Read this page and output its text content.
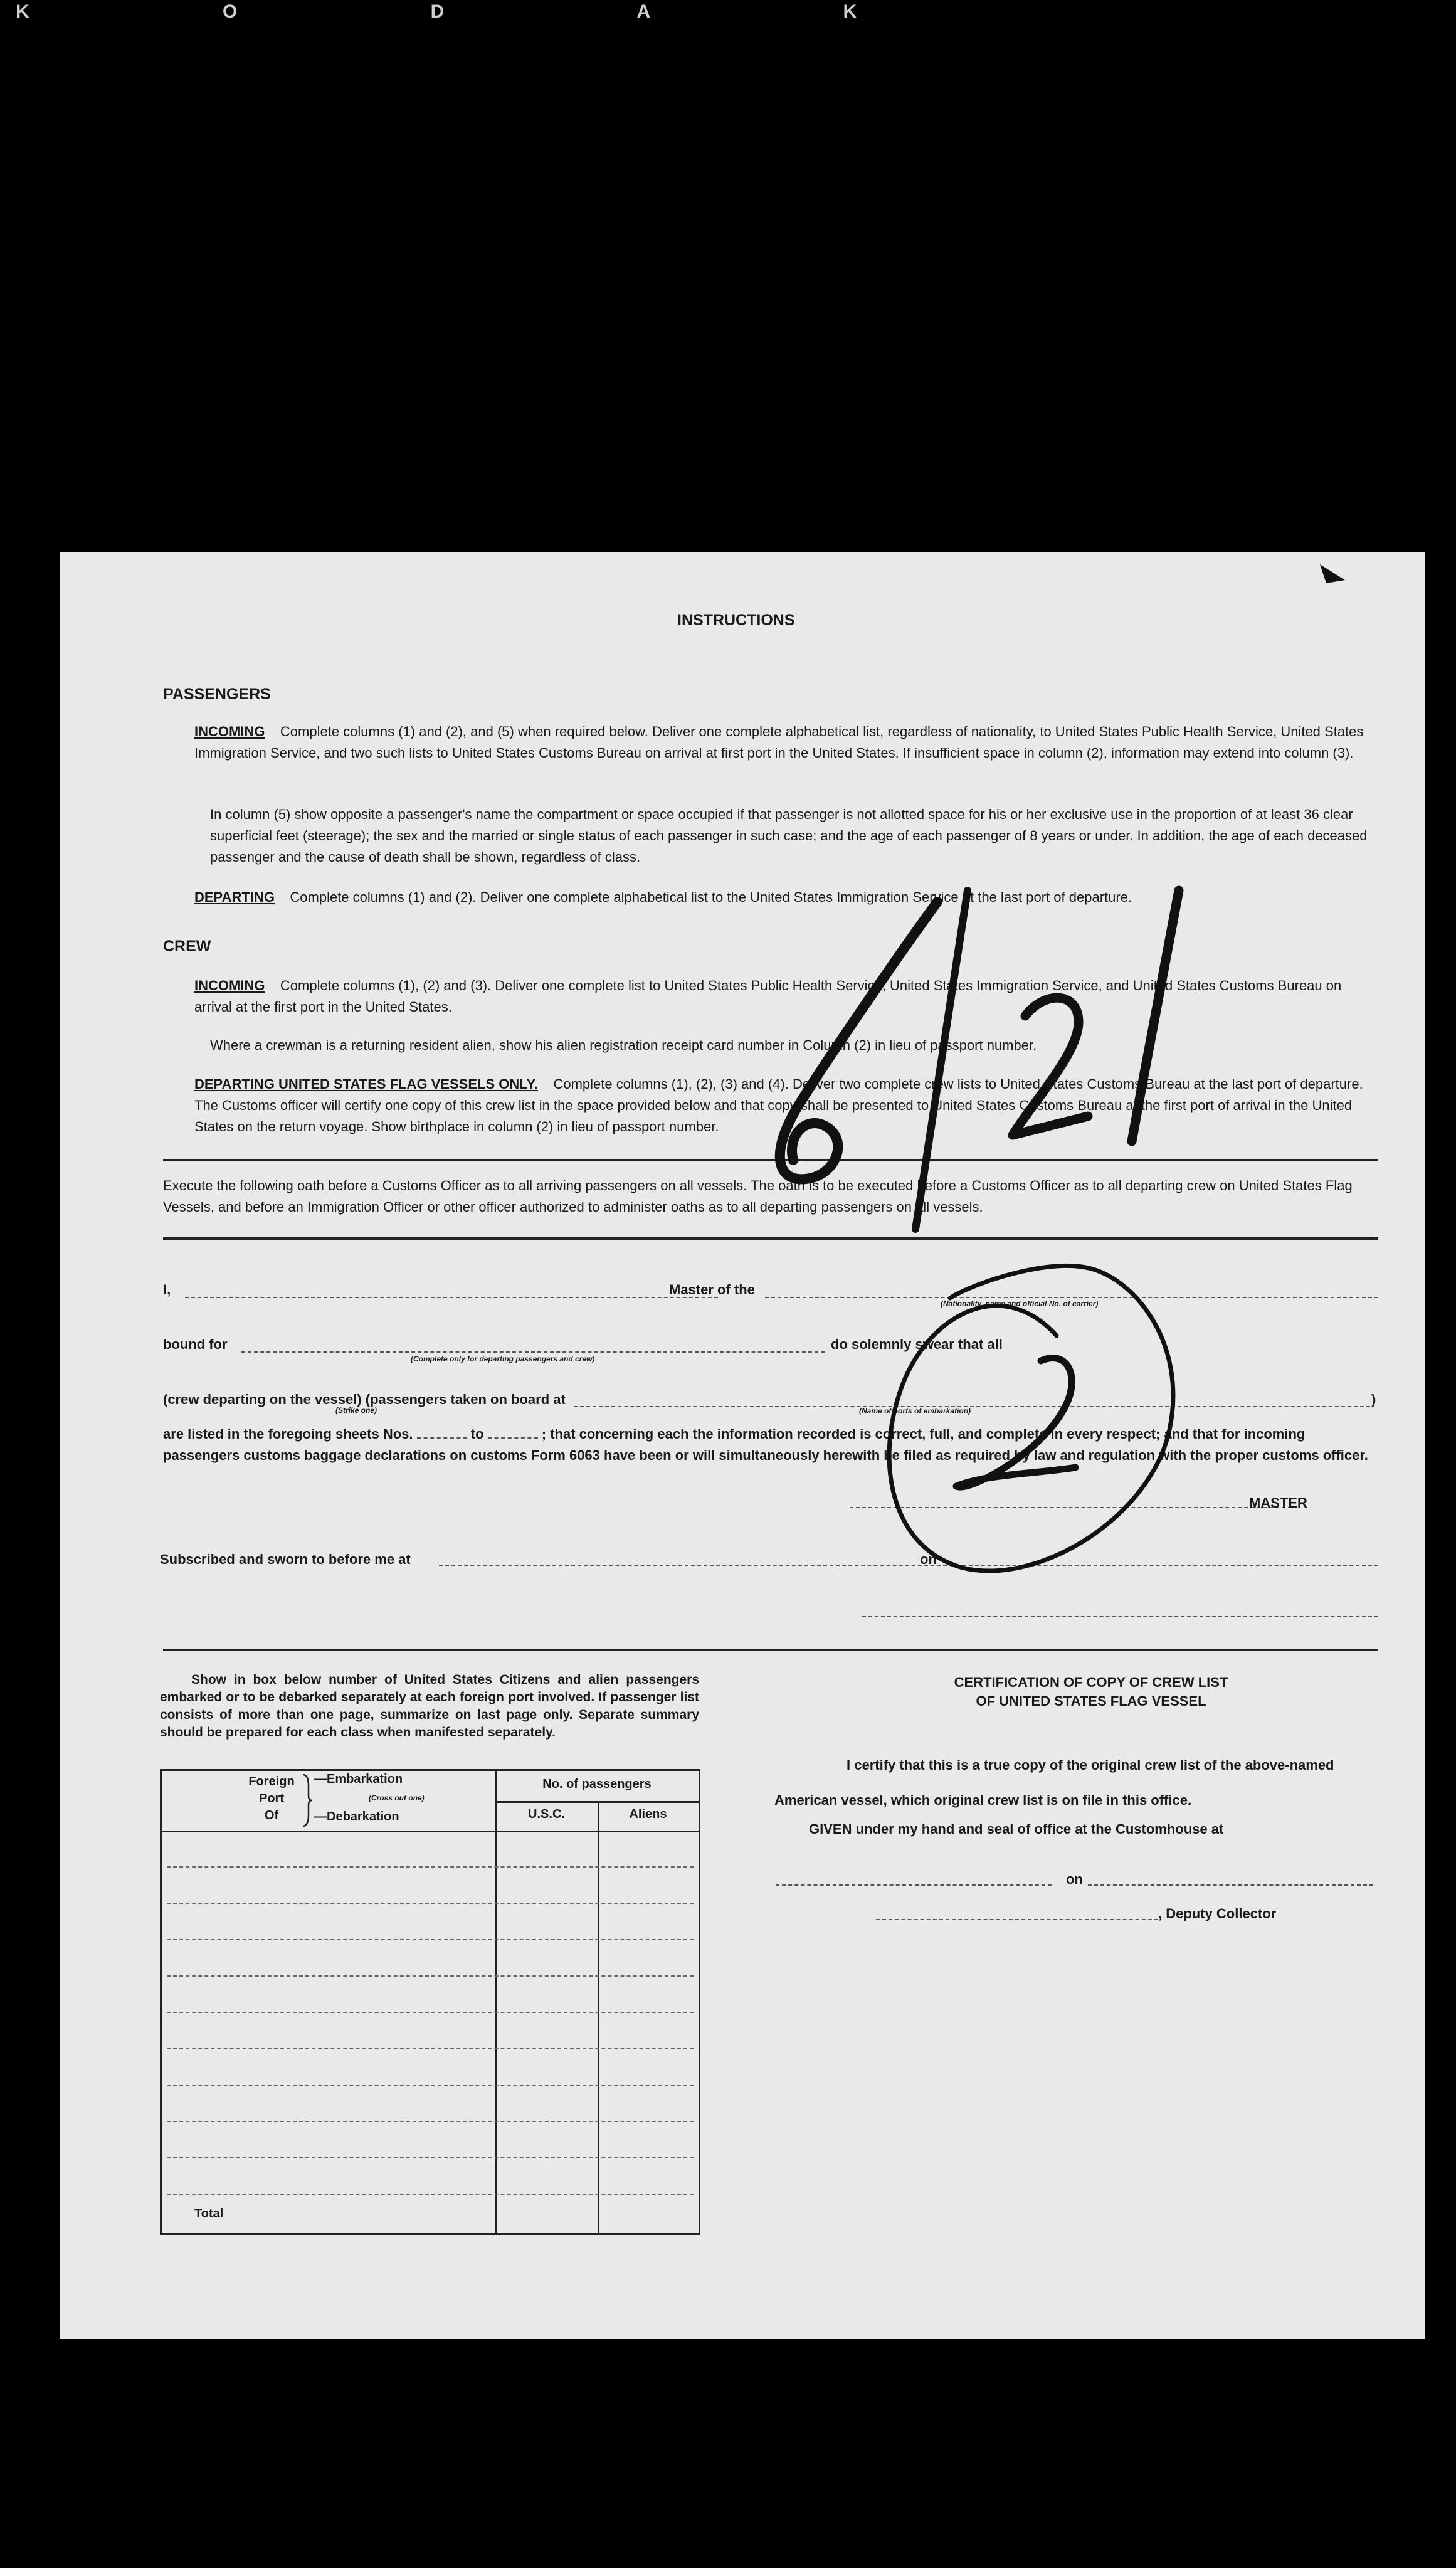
K O D A K
INSTRUCTIONS
PASSENGERS
INCOMING Complete columns (1) and (2), and (5) when required below. Deliver one complete alphabetical list, regardless of nationality, to United States Public Health Service, United States Immigration Service, and two such lists to United States Customs Bureau on arrival at first port in the United States. If insufficient space in column (2), information may extend into column (3).
In column (5) show opposite a passenger's name the compartment or space occupied if that passenger is not allotted space for his or her exclusive use in the proportion of at least 36 clear superficial feet (steerage); the sex and the married or single status of each passenger in such case; and the age of each passenger of 8 years or under. In addition, the age of each deceased passenger and the cause of death shall be shown, regardless of class.
DEPARTING Complete columns (1) and (2). Deliver one complete alphabetical list to the United States Immigration Service at the last port of departure.
CREW
INCOMING Complete columns (1), (2) and (3). Deliver one complete list to United States Public Health Service, United States Immigration Service, and United States Customs Bureau on arrival at the first port in the United States.
Where a crewman is a returning resident alien, show his alien registration receipt card number in Column (2) in lieu of passport number.
DEPARTING UNITED STATES FLAG VESSELS ONLY. Complete columns (1), (2), (3) and (4). Deliver two complete crew lists to United States Customs Bureau at the last port of departure. The Customs officer will certify one copy of this crew list in the space provided below and that copy shall be presented to United States Customs Bureau at the first port of arrival in the United States on the return voyage. Show birthplace in column (2) in lieu of passport number.
Execute the following oath before a Customs Officer as to all arriving passengers on all vessels. The oath is to be executed before a Customs Officer as to all departing crew on United States Flag Vessels, and before an Immigration Officer or other officer authorized to administer oaths as to all departing passengers on all vessels.
I,	Master of the
(Nationality, name and official No. of carrier)
bound for
(Complete only for departing passengers and crew)
do solemnly swear that all
(crew departing on the vessel) (passengers taken on board at	)
(Strike one)	(Name of ports of embarkation)
are listed in the foregoing sheets Nos.	to	; that concerning each the information recorded is correct, full, and complete in every respect; and that for incoming passengers customs baggage declarations on customs Form 6063 have been or will simultaneously herewith be filed as required by law and regulation with the proper customs officer.
MASTER
Subscribed and sworn to before me at	on
Show in box below number of United States Citizens and alien passengers embarked or to be debarked separately at each foreign port involved. If passenger list consists of more than one page, summarize on last page only. Separate summary should be prepared for each class when manifested separately.
Foreign
Port
Of
—Embarkation
(Cross out one)
—Debarkation
No. of passengers
U.S.C.	Aliens
Total
CERTIFICATION OF COPY OF CREW LIST
OF UNITED STATES FLAG VESSEL
I certify that this is a true copy of the original crew list of the above-named American vessel, which original crew list is on file in this office.
GIVEN under my hand and seal of office at the Customhouse at
on
, Deputy Collector
